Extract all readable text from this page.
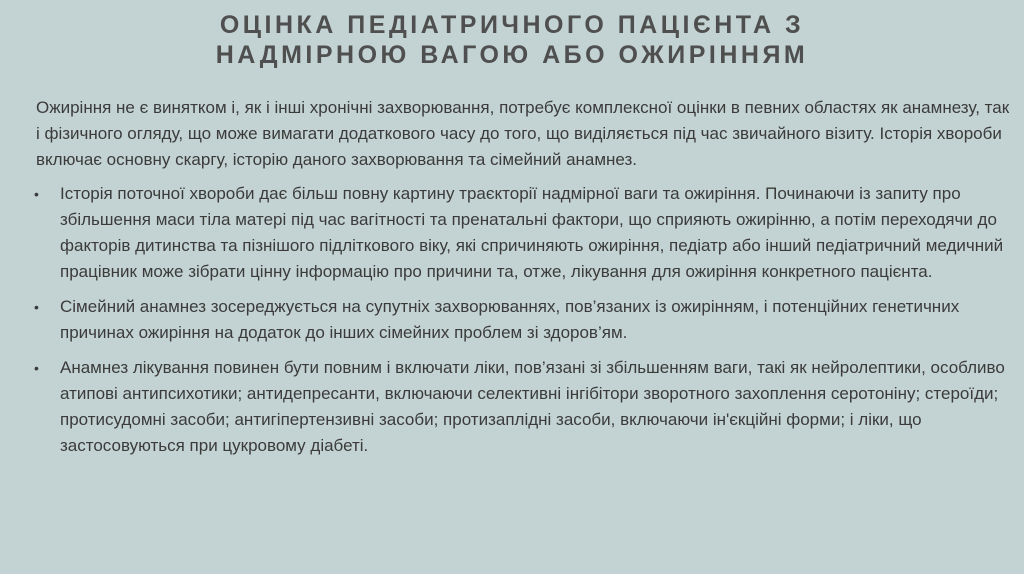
ОЦІНКА ПЕДІАТРИЧНОГО ПАЦІЄНТА З
НАДМІРНОЮ ВАГОЮ АБО ОЖИРІННЯМ

Ожиріння не є винятком і, як і інші хронічні захворювання, потребує комплексної оцінки в певних областях як анамнезу, так і фізичного огляду, що може вимагати додаткового часу до того, що виділяється під час звичайного візиту. Історія хвороби включає основну скаргу, історію даного захворювання та сімейний анамнез.

•	Історія поточної хвороби дає більш повну картину траєкторії надмірної ваги та ожиріння. Починаючи із запиту про збільшення маси тіла матері під час вагітності та пренатальні фактори, що сприяють ожирінню, а потім переходячи до факторів дитинства та пізнішого підліткового віку, які спричиняють ожиріння, педіатр або інший педіатричний медичний працівник може зібрати цінну інформацію про причини та, отже, лікування для ожиріння конкретного пацієнта.
•	Сімейний анамнез зосереджується на супутніх захворюваннях, пов’язаних із ожирінням, і потенційних генетичних причинах ожиріння на додаток до інших сімейних проблем зі здоров’ям.
•	Анамнез лікування повинен бути повним і включати ліки, пов’язані зі збільшенням ваги, такі як нейролептики, особливо атипові антипсихотики; антидепресанти, включаючи селективні інгібітори зворотного захоплення серотоніну; стероїди; протисудомні засоби; антигіпертензивні засоби; протизаплідні засоби, включаючи ін'єкційні форми; і ліки, що застосовуються при цукровому діабеті.
